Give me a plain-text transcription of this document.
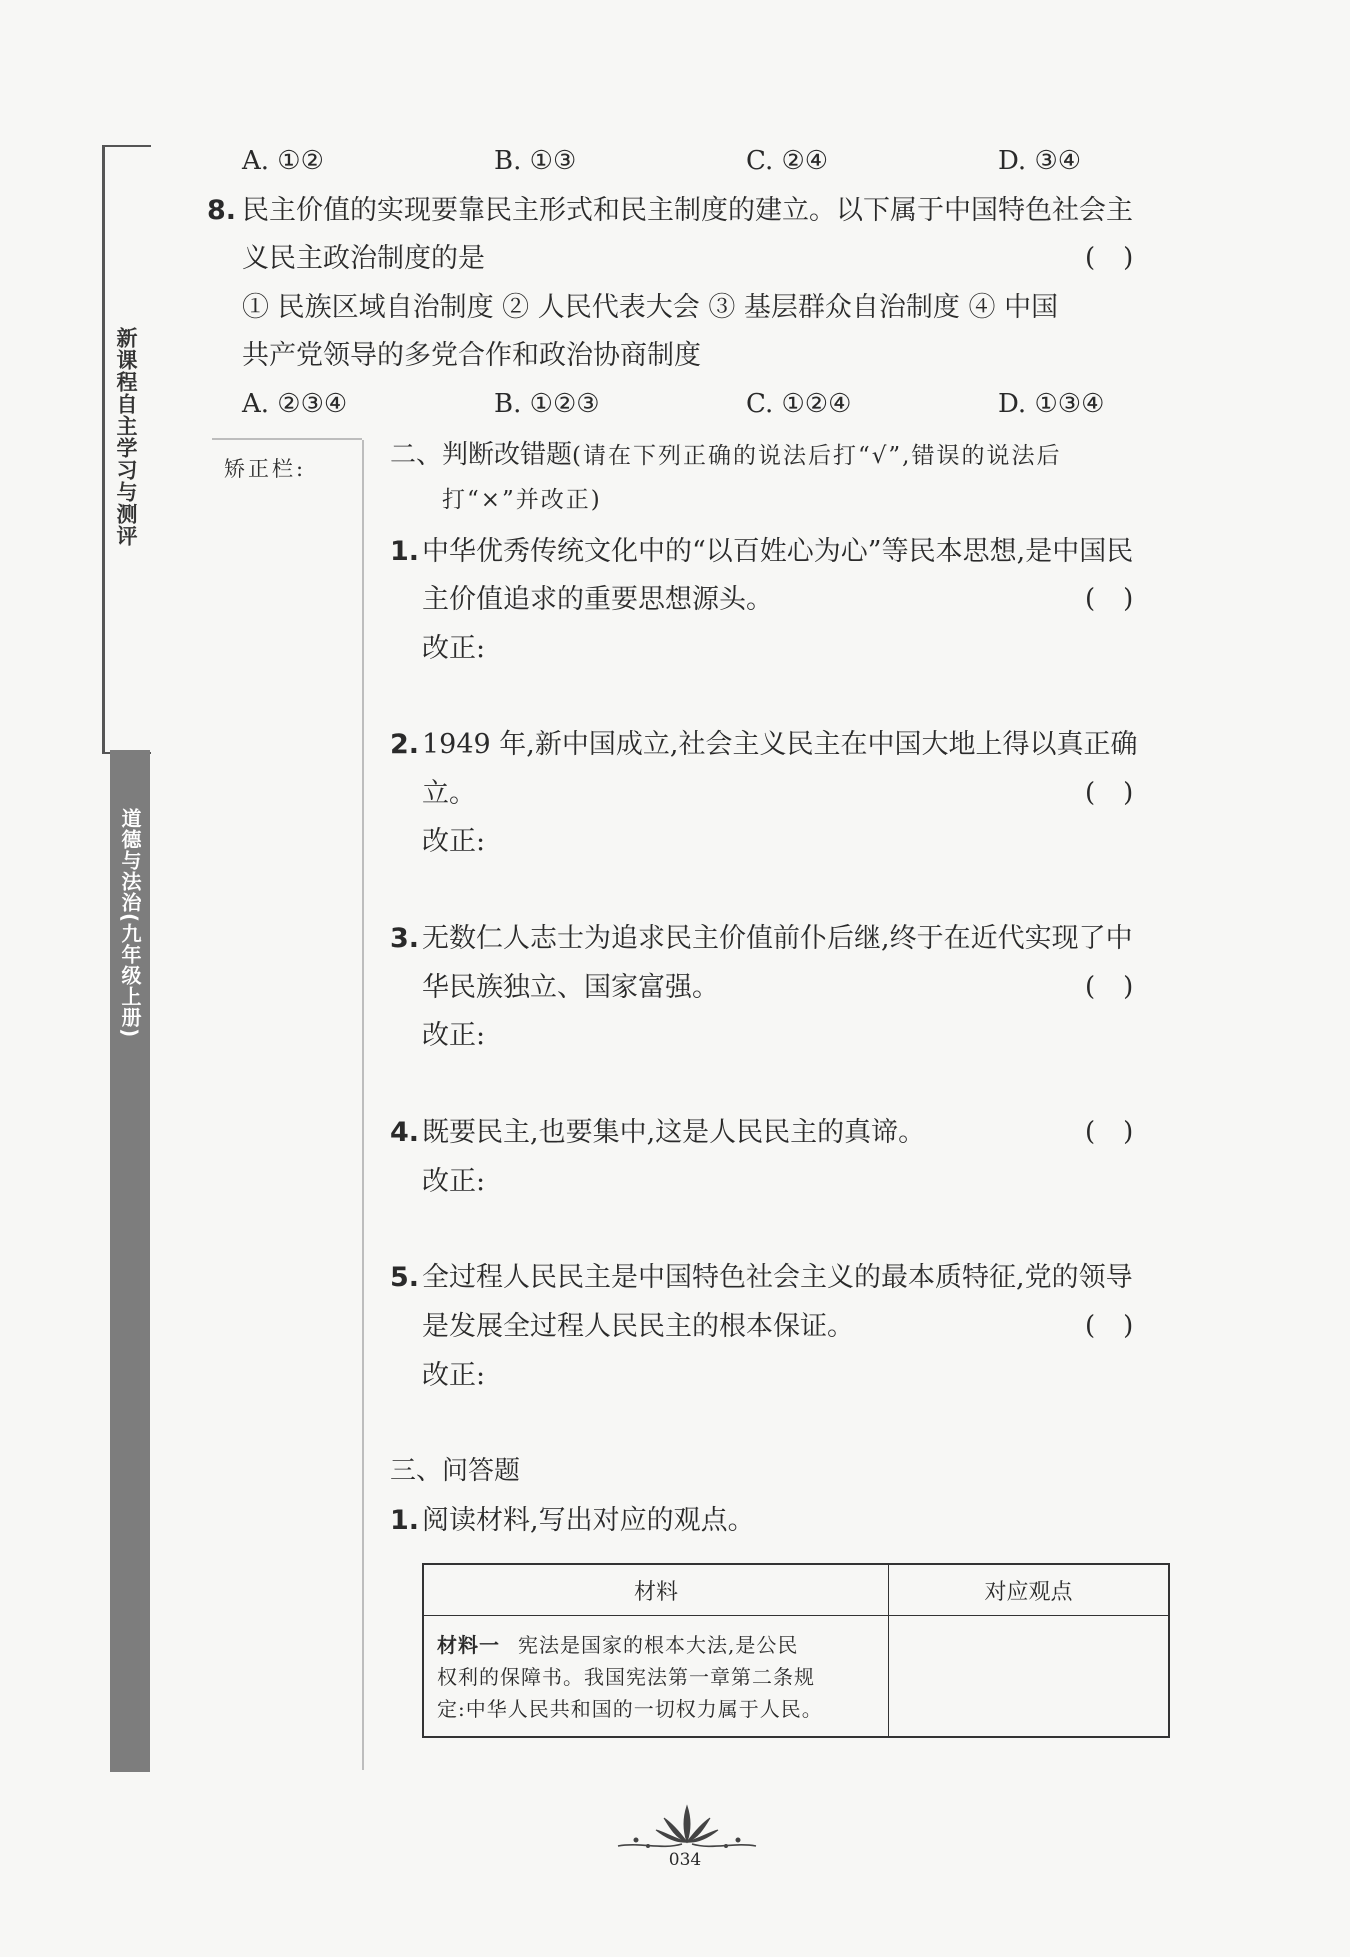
新课程自主学习与测评
道德与法治(九年级上册)
A. ①②	B. ①③	C. ②④	D. ③④
8. 民主价值的实现要靠民主形式和民主制度的建立。以下属于中国特色社会主
义民主政治制度的是	()
① 民族区域自治制度 ② 人民代表大会 ③ 基层群众自治制度 ④ 中国
共产党领导的多党合作和政治协商制度
A. ②③④	B. ①②③	C. ①②④	D. ①③④
矫正栏:	二、判断改错题(请在下列正确的说法后打“√”,错误的说法后
打“×”并改正)
1. 中华优秀传统文化中的“以百姓心为心”等民本思想,是中国民
主价值追求的重要思想源头。	()
改正:
2. 1949 年,新中国成立,社会主义民主在中国大地上得以真正确
立。	()
改正:
3. 无数仁人志士为追求民主价值前仆后继,终于在近代实现了中
华民族独立、国家富强。	()
改正:
4. 既要民主,也要集中,这是人民民主的真谛。	()
改正:
5. 全过程人民民主是中国特色社会主义的最本质特征,党的领导
是发展全过程人民民主的根本保证。	()
改正:
三、问答题
1. 阅读材料,写出对应的观点。
材料	对应观点

材料一 宪法是国家的根本大法,是公民
权利的保障书。我国宪法第一章第二条规
定:中华人民共和国的一切权力属于人民。	

034
